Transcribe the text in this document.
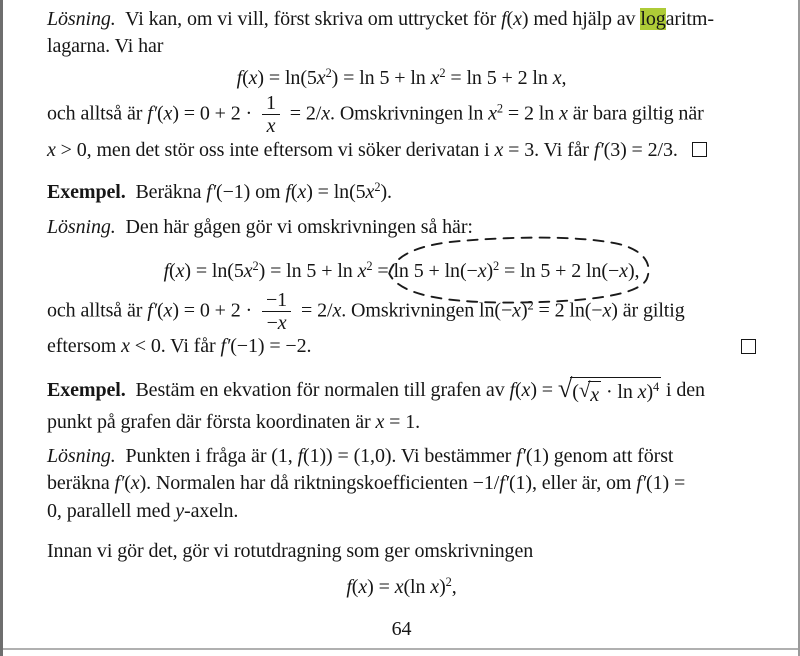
Lösning.  Vi kan, om vi vill, först skriva om uttrycket för f(x) med hjälp av logaritm-
lagarna. Vi har

$f(x) = \ln(5x^2) = \ln 5 + \ln x^2 = \ln 5 + 2$ ln x,

och alltså är $f'(x) = 0 + 2 \cdot \frac{1}{x} = 2/x$. Omskrivningen $\ln x^2 = 2$ ln x är bara giltig när
x > 0, men det stör oss inte eftersom vi söker derivatan i x = 3. Vi får f′(3) = 2/3.

Exempel.  Beräkna f′(−1) om $f(x) = \ln(5x^2)$.

Lösning.  Den här gågen gör vi omskrivningen så här:

$f(x) = \ln(5x^2) = \ln 5 + \ln x^2 = \ln 5 + \ln(-x)^2 = \ln 5 + 2$ ln(−x),

och alltså är $f'(x) = 0 + 2 \cdot \frac{-1}{-x} = 2/x$. Omskrivningen $\ln(-x)^2 = 2$ ln(−x) är giltig
eftersom x < 0. Vi får f′(−1) = −2.

Exempel.  Bestäm en ekvation för normalen till grafen av f(x) = √ ( √ x · ln x)$^4$ i den
punkt på grafen där första koordinaten är x = 1.

Lösning.  Punkten i fråga är (1, f(1)) = (1,0). Vi bestämmer f′(1) genom att först
beräkna f′(x). Normalen har då riktningskoefficienten −1/f′(1), eller är, om f′(1) =
0, parallell med y-axeln.

Innan vi gör det, gör vi rotutdragning som ger omskrivningen

f(x) = x(ln x)$^2$,
64
